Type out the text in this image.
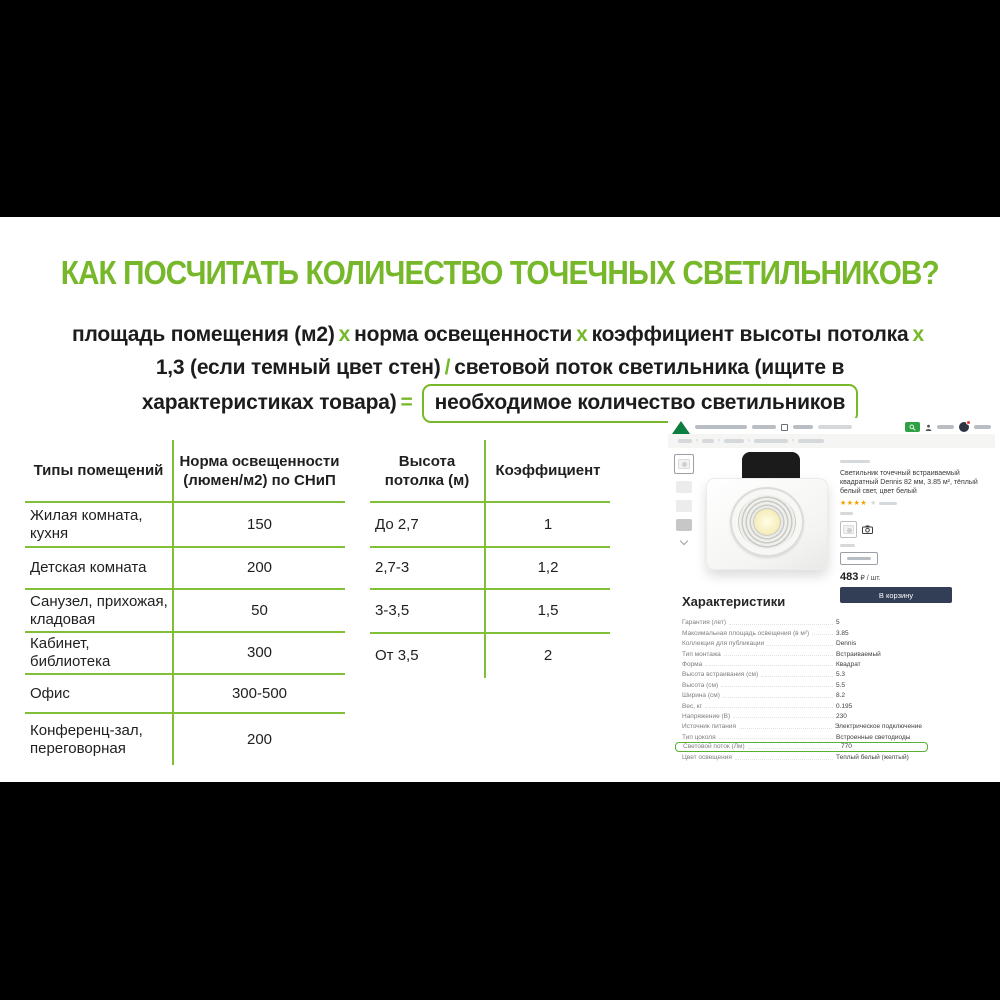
КАК ПОСЧИТАТЬ КОЛИЧЕСТВО ТОЧЕЧНЫХ СВЕТИЛЬНИКОВ?
площадь помещения (м2) х норма освещенности х коэффициент высоты потолка х
1,3 (если темный цвет стен) / световой поток светильника (ищите в
характеристиках товара) = необходимое количество светильников
Типы помещений	Норма освещенности (люмен/м2) по СНиП
Жилая комната, кухня	150
Детская комната	200
Санузел, прихожая, кладовая	50
Кабинет, библиотека	300
Офис	300-500
Конференц-зал, переговорная	200
Высота потолка (м)	Коэффициент
До 2,7	1
2,7-3	1,2
3-3,5	1,5
От 3,5	2
›	›	›	›
Светильник точечный встраиваемый квадратный Dennis 82 мм, 3.85 м², тёплый белый свет, цвет белый
★★★★ ★
483 ₽ / шт.
В корзину
Характеристики
Гарантия (лет)	5
Максимальная площадь освещения (в м²)	3.85
Коллекция для публикации	Dennis
Тип монтажа	Встраиваемый
Форма	Квадрат
Высота встраивания (см)	5.3
Высота (см)	5.5
Ширина (см)	8.2
Вес, кг	0.195
Напряжение (В)	230
Источник питания	Электрическое подключение
Тип цоколя	Встроенные светодиоды
Световой поток (Лм)	770
Цвет освещения	Теплый белый (желтый)
